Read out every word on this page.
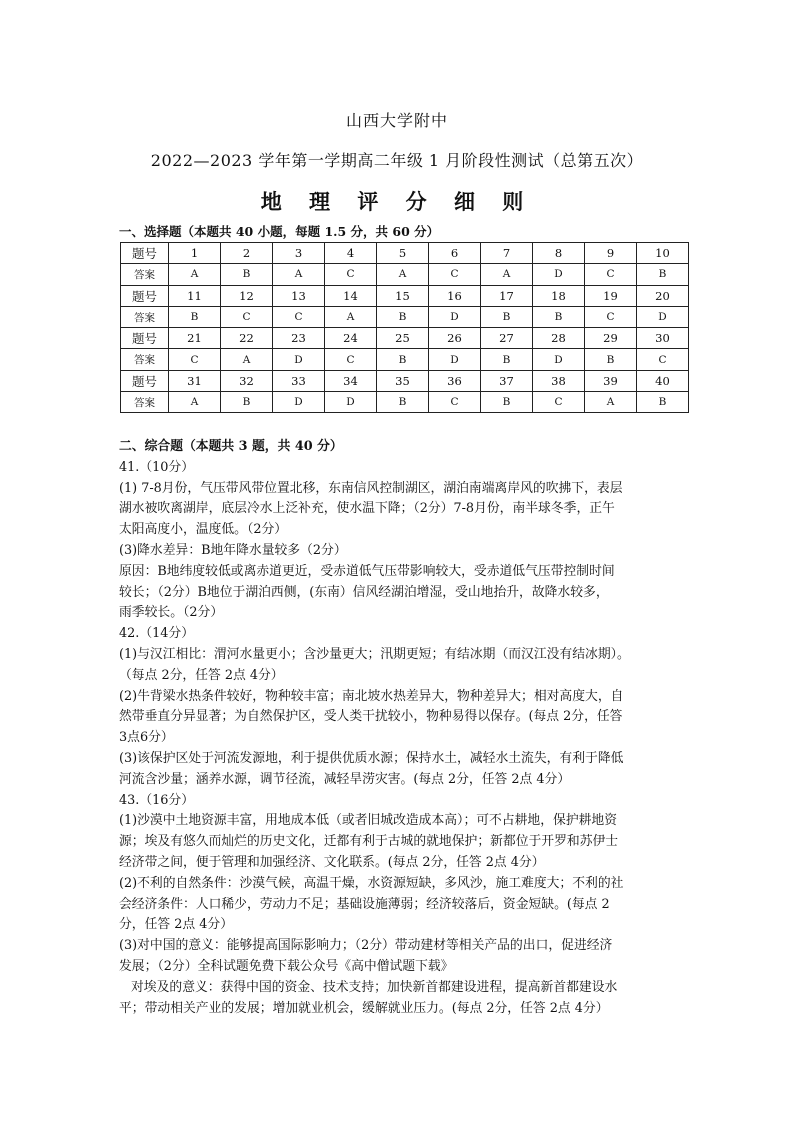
山西大学附中
2022—2023 学年第一学期高二年级 1 月阶段性测试（总第五次）
地 理 评 分 细 则
一、选择题（本题共 40 小题，每题 1.5 分，共 60 分）
题号	1	2	3	4	5	6	7	8	9	10
答案	A	B	A	C	A	C	A	D	C	B
题号	11	12	13	14	15	16	17	18	19	20
答案	B	C	C	A	B	D	B	B	C	D
题号	21	22	23	24	25	26	27	28	29	30
答案	C	A	D	C	B	D	B	D	B	C
题号	31	32	33	34	35	36	37	38	39	40
答案	A	B	D	D	B	C	B	C	A	B

二、综合题（本题共 3 题，共 40 分）

41.（10分）

(1) 7-8月份，气压带风带位置北移，东南信风控制湖区，湖泊南端离岸风的吹拂下，表层

湖水被吹离湖岸，底层冷水上泛补充，使水温下降；（2分）7-8月份，南半球冬季，正午

太阳高度小，温度低。（2分）

(3)降水差异：B地年降水量较多（2分）

原因：B地纬度较低或离赤道更近，受赤道低气压带影响较大，受赤道低气压带控制时间

较长；（2分）B地位于湖泊西侧，(东南）信风经湖泊增湿，受山地抬升，故降水较多，

雨季较长。（2分）

42.（14分）

(1)与汉江相比：渭河水量更小；含沙量更大；汛期更短；有结冰期（而汉江没有结冰期）。

（每点 2分，任答 2点 4分）

(2)牛背梁水热条件较好，物种较丰富；南北坡水热差异大，物种差异大；相对高度大，自

然带垂直分异显著；为自然保护区，受人类干扰较小，物种易得以保存。(每点 2分，任答

3点6分）

(3)该保护区处于河流发源地，利于提供优质水源；保持水土，减轻水土流失，有利于降低

河流含沙量；涵养水源，调节径流，减轻旱涝灾害。(每点 2分，任答 2点 4分）

43.（16分）

(1)沙漠中土地资源丰富，用地成本低（或者旧城改造成本高）；可不占耕地，保护耕地资

源；埃及有悠久而灿烂的历史文化，迁都有利于古城的就地保护；新都位于开罗和苏伊士

经济带之间，便于管理和加强经济、文化联系。(每点 2分，任答 2点 4分）

(2)不利的自然条件：沙漠气候，高温干燥，水资源短缺，多风沙，施工难度大；不利的社

会经济条件：人口稀少，劳动力不足；基础设施薄弱；经济较落后，资金短缺。(每点 2

分，任答 2点 4分）

(3)对中国的意义：能够提高国际影响力；（2分）带动建材等相关产品的出口，促进经济

发展；（2分）全科试题免费下载公众号《高中僧试题下载》

对埃及的意义：获得中国的资金、技术支持；加快新首都建设进程，提高新首都建设水

平；带动相关产业的发展；增加就业机会，缓解就业压力。(每点 2分，任答 2点 4分）
